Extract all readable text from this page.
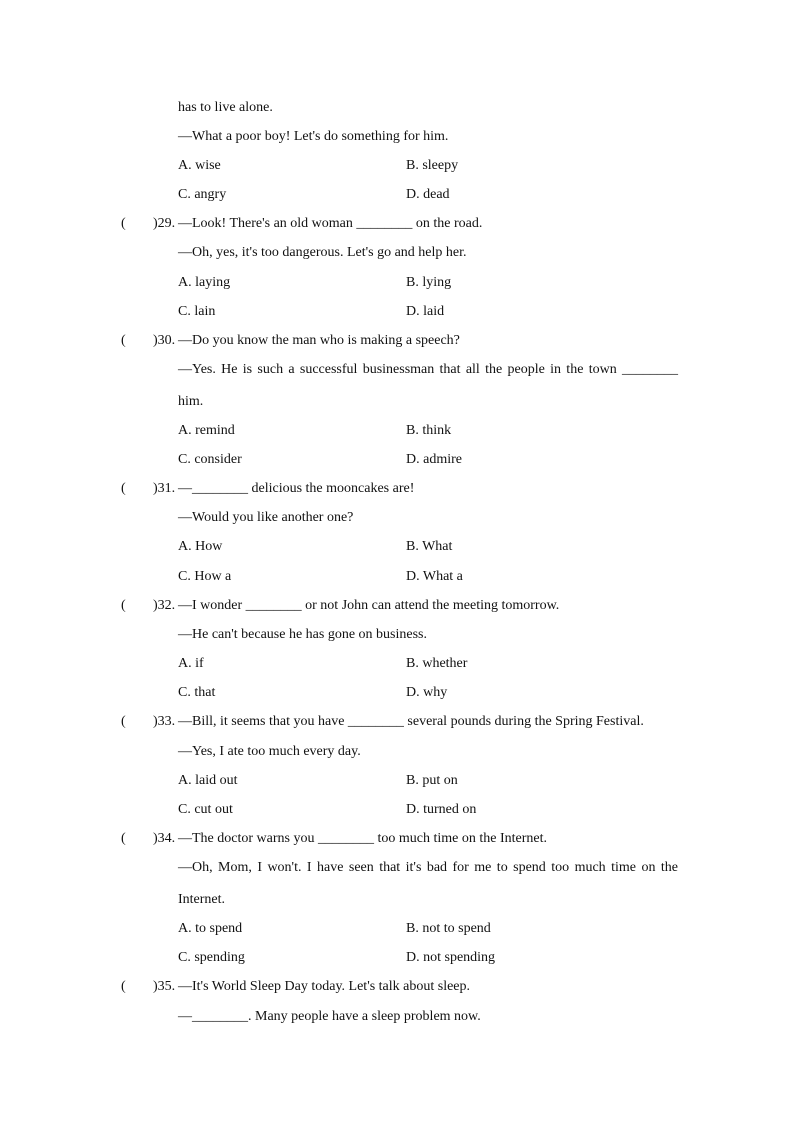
has to live alone.
—What a poor boy! Let's do something for him.
A. wise	B. sleepy
C. angry	D. dead
( )29. —Look! There's an old woman ________ on the road.
—Oh, yes, it's too dangerous. Let's go and help her.
A. laying	B. lying
C. lain	D. laid
( )30. —Do you know the man who is making a speech?
—Yes. He is such a successful businessman that all the people in the town ________
him.
A. remind	B. think
C. consider	D. admire
( )31. —________ delicious the mooncakes are!
—Would you like another one?
A. How	B. What
C. How a	D. What a
( )32. —I wonder ________ or not John can attend the meeting tomorrow.
—He can't because he has gone on business.
A. if	B. whether
C. that	D. why
( )33. —Bill, it seems that you have ________ several pounds during the Spring Festival.
—Yes, I ate too much every day.
A. laid out	B. put on
C. cut out	D. turned on
( )34. —The doctor warns you ________ too much time on the Internet.
—Oh, Mom, I won't. I have seen that it's bad for me to spend too much time on the
Internet.
A. to spend	B. not to spend
C. spending	D. not spending
( )35. —It's World Sleep Day today. Let's talk about sleep.
—________. Many people have a sleep problem now.
